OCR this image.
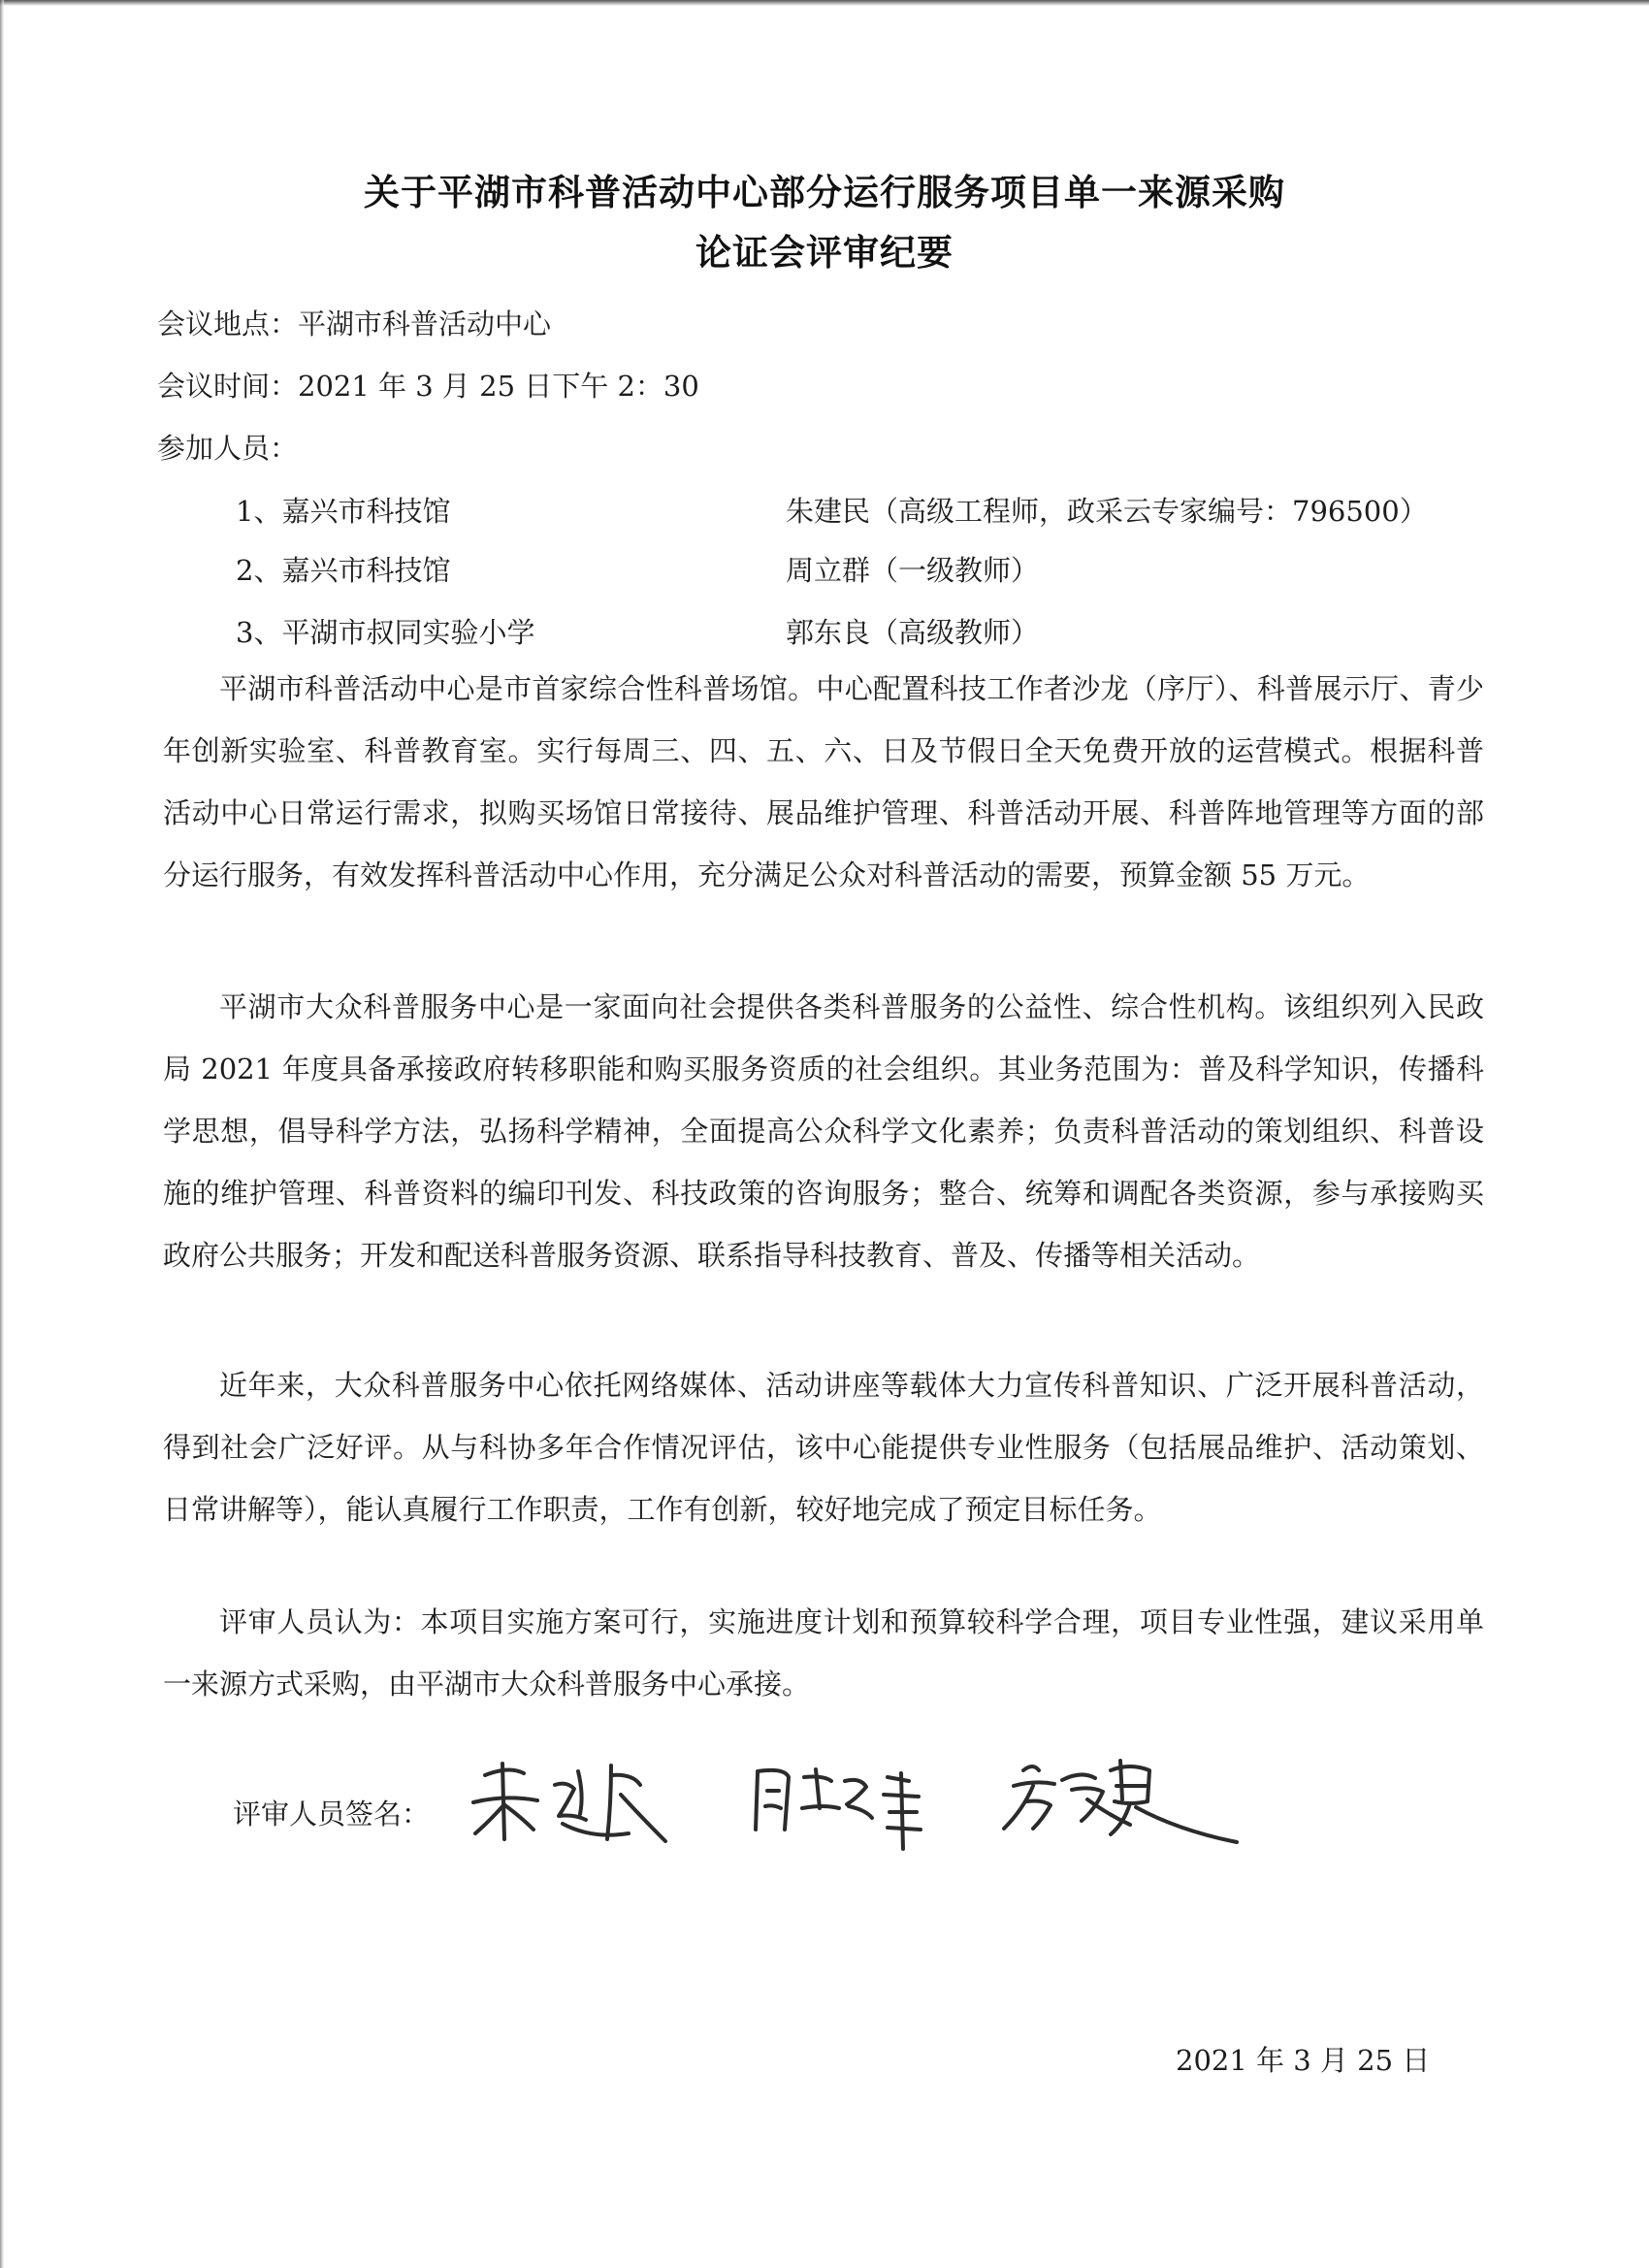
关于平湖市科普活动中心部分运行服务项目单一来源采购
论证会评审纪要
会议地点：平湖市科普活动中心
会议时间：2021 年 3 月 25 日下午 2：30
参加人员：
1、嘉兴市科技馆	朱建民（高级工程师，政采云专家编号：796500）
2、嘉兴市科技馆	周立群（一级教师）
3、平湖市叔同实验小学	郭东良（高级教师）
平湖市科普活动中心是市首家综合性科普场馆。中心配置科技工作者沙龙（序厅）、科普展示厅、青少年创新实验室、科普教育室。实行每周三、四、五、六、日及节假日全天免费开放的运营模式。根据科普活动中心日常运行需求，拟购买场馆日常接待、展品维护管理、科普活动开展、科普阵地管理等方面的部分运行服务，有效发挥科普活动中心作用，充分满足公众对科普活动的需要，预算金额 55 万元。
平湖市大众科普服务中心是一家面向社会提供各类科普服务的公益性、综合性机构。该组织列入民政局 2021 年度具备承接政府转移职能和购买服务资质的社会组织。其业务范围为：普及科学知识，传播科学思想，倡导科学方法，弘扬科学精神，全面提高公众科学文化素养；负责科普活动的策划组织、科普设施的维护管理、科普资料的编印刊发、科技政策的咨询服务；整合、统筹和调配各类资源，参与承接购买政府公共服务；开发和配送科普服务资源、联系指导科技教育、普及、传播等相关活动。
近年来，大众科普服务中心依托网络媒体、活动讲座等载体大力宣传科普知识、广泛开展科普活动，得到社会广泛好评。从与科协多年合作情况评估，该中心能提供专业性服务（包括展品维护、活动策划、日常讲解等），能认真履行工作职责，工作有创新，较好地完成了预定目标任务。
评审人员认为：本项目实施方案可行，实施进度计划和预算较科学合理，项目专业性强，建议采用单一来源方式采购，由平湖市大众科普服务中心承接。
评审人员签名：
2021 年 3 月 25 日
